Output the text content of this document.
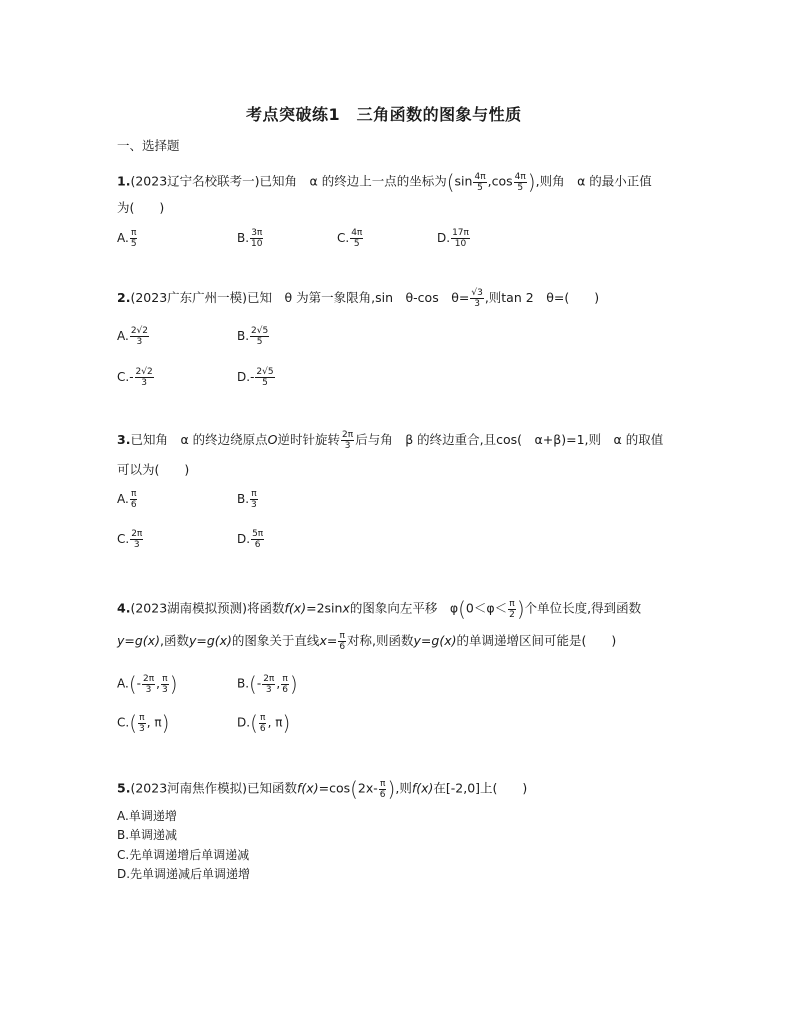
考点突破练1　三角函数的图象与性质
一、选择题
1.(2023辽宁名校联考一)已知角　α 的终边上一点的坐标为($\sin \frac{4\pi}{5} ,\cos \frac{4\pi}{5}$ ),则角　α 的最小正值
为(　　)
A. $\frac{\pi}{5}$	B. $\frac{3\pi}{10}$	C. $\frac{4\pi}{5}$	D. $\frac{17\pi}{10}$
2.(2023广东广州一模)已知　θ 为第一象限角,sin　θ-cos　$\theta= \frac{√3}{3}$ ,则tan 2　θ=(　　)
A. $\frac{2√2}{3}$	B. $\frac{2√5}{5}$
$C.- \frac{2√2}{3}$	$D.- \frac{2√5}{5}$
3.已知角　α 的终边绕原点O逆时针旋转 $\frac{2\pi}{3}$ 后与角　β 的终边重合,且cos(　α+β)=1,则　α 的取值
可以为(　　)
A. $\frac{\pi}{6}$	B. $\frac{\pi}{3}$
C. $\frac{2\pi}{3}$	D. $\frac{5\pi}{6}$
4.(2023湖南模拟预测)将函数f(x)=2sinx的图象向左平移　$\varphi(0<\varphi< \frac{\pi}{2}$ )个单位长度,得到函数
y=g(x),函数y=g(x)的图象关于直线$x= \frac{\pi}{6}$ 对称,则函数y=g(x)的单调递增区间可能是(　　)
$A.(- \frac{2\pi}{3}$ , $\frac{\pi}{3}$ )	$B.(- \frac{2\pi}{3}$ , $\frac{\pi}{6}$ )
$C.( \frac{\pi}{3}$ , π)	$D.( \frac{\pi}{6}$ , π)
5.(2023河南焦作模拟)已知函数$f(x)=\cos(2x- \frac{\pi}{6}$ ),则f(x)在[-2,0]上(　　)
A.单调递增
B.单调递减
C.先单调递增后单调递减
D.先单调递减后单调递增
